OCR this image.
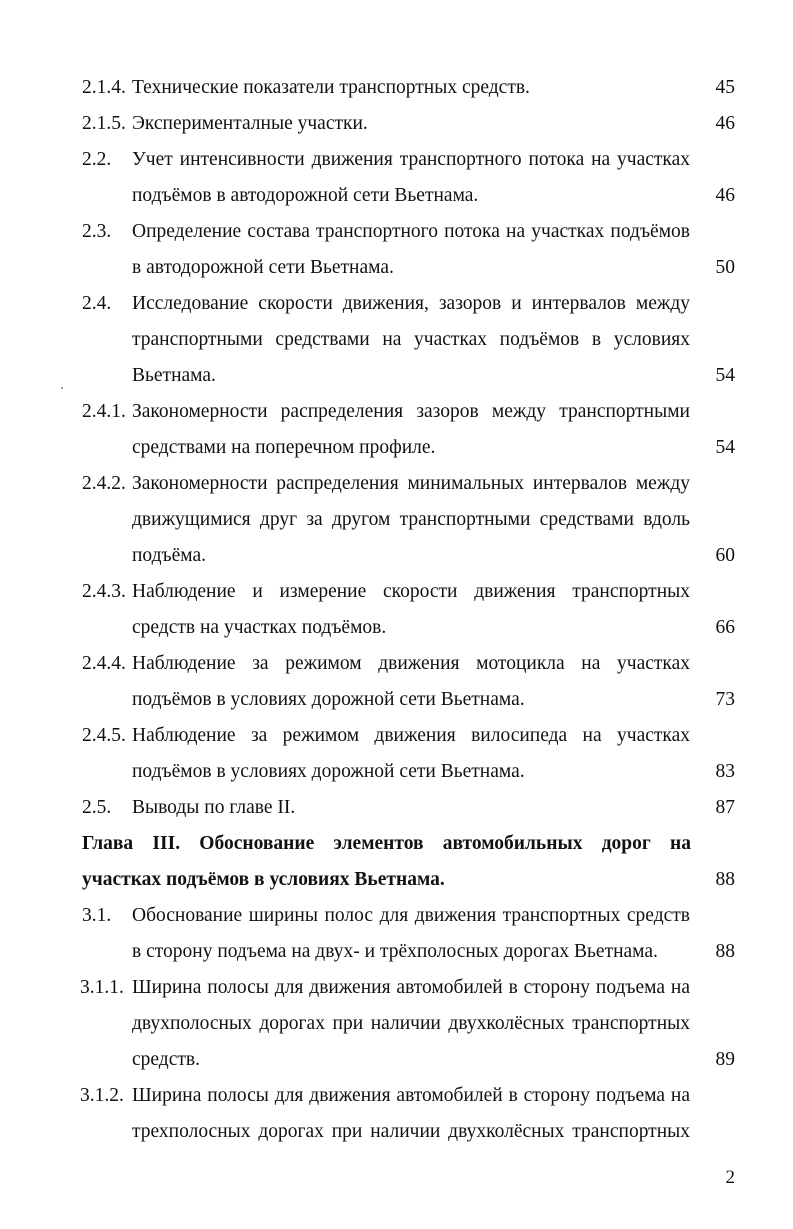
2.1.4. Технические показатели транспортных средств.	45
2.1.5. Эксперименталные участки.	46
2.2. Учет интенсивности движения транспортного потока на участках
подъёмов в автодорожной сети Вьетнама.	46
2.3. Определение состава транспортного потока на участках подъёмов
в автодорожной сети Вьетнама.	50
2.4. Исследование скорости движения, зазоров и интервалов между
транспортными средствами на участках подъёмов в условиях
Вьетнама.	54
2.4.1. Закономерности распределения зазоров между транспортными
средствами на поперечном профиле.	54
2.4.2. Закономерности распределения минимальных интервалов между
движущимися друг за другом транспортными средствами вдоль
подъёма.	60
2.4.3. Наблюдение и измерение скорости движения транспортных
средств на участках подъёмов.	66
2.4.4. Наблюдение за режимом движения мотоцикла на участках
подъёмов в условиях дорожной сети Вьетнама.	73
2.4.5. Наблюдение за режимом движения вилосипеда на участках
подъёмов в условиях дорожной сети Вьетнама.	83
2.5. Выводы по главе II.	87
Глава III. Обоснование элементов автомобильных дорог на
участках подъёмов в условиях Вьетнама.	88
3.1. Обоснование ширины полос для движения транспортных средств
в сторону подъема на двух- и трёхполосных дорогах Вьетнама.	88
3.1.1. Ширина полосы для движения автомобилей в сторону подъема на
двухполосных дорогах при наличии двухколёсных транспортных
средств.	89
3.1.2. Ширина полосы для движения автомобилей в сторону подъема на
трехполосных дорогах при наличии двухколёсных транспортных
2
